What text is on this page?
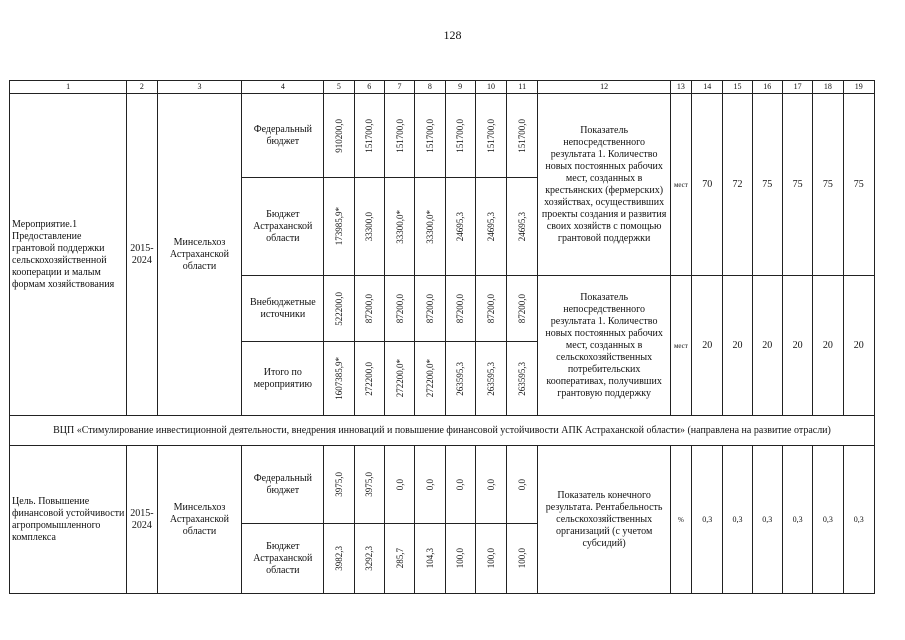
128
1	2	3	4	5	6	7	8	9	10	11	12	13	14	15	16	17	18	19
Мероприятие.1 Предоставление грантовой поддержки сельскохозяйственной кооперации и малым формам хозяйствования	2015-2024	Минсельхоз Астраханской области	Федеральный бюджет	910200,0	151700,0	151700,0	151700,0	151700,0	151700,0	151700,0	Показатель непосредственного результата 1. Количество новых постоянных рабочих мест, созданных в крестьянских (фермерских) хозяйствах, осуществивших проекты создания и развития своих хозяйств с помощью грантовой поддержки	мест	70	72	75	75	75	75
			Бюджет Астраханской области	173985,9*	33300,0	33300,0*	33300,0*	24695,3	24695,3	24695,3								

			Внебюджетные источники	522200,0	87200,0	87200,0	87200,0	87200,0	87200,0	87200,0	Показатель непосредственного результата 1. Количество новых постоянных рабочих мест, созданных в сельскохозяйственных потребительских кооперативах, получивших грантовую поддержку	мест	20	20	20	20	20	20
			Итого по мероприятию	1607385,9*	272200,0	272200,0*	272200,0*	263595,3	263595,3	263595,3								

ВЦП «Стимулирование инвестиционной деятельности, внедрения инноваций и повышение финансовой устойчивости АПК Астраханской области» (направлена на развитие отрасли)																		
Цель. Повышение финансовой устойчивости агропромышленного комплекса	2015-2024	Минсельхоз Астраханской области	Федеральный бюджет	3975,0	3975,0	0,0	0,0	0,0	0,0	0,0	Показатель конечного результата. Рентабельность сельскохозяйственных организаций (с учетом субсидий)	%	0,3	0,3	0,3	0,3	0,3	0,3
			Бюджет Астраханской области	3982,3	3292,3	285,7	104,3	100,0	100,0	100,0								
